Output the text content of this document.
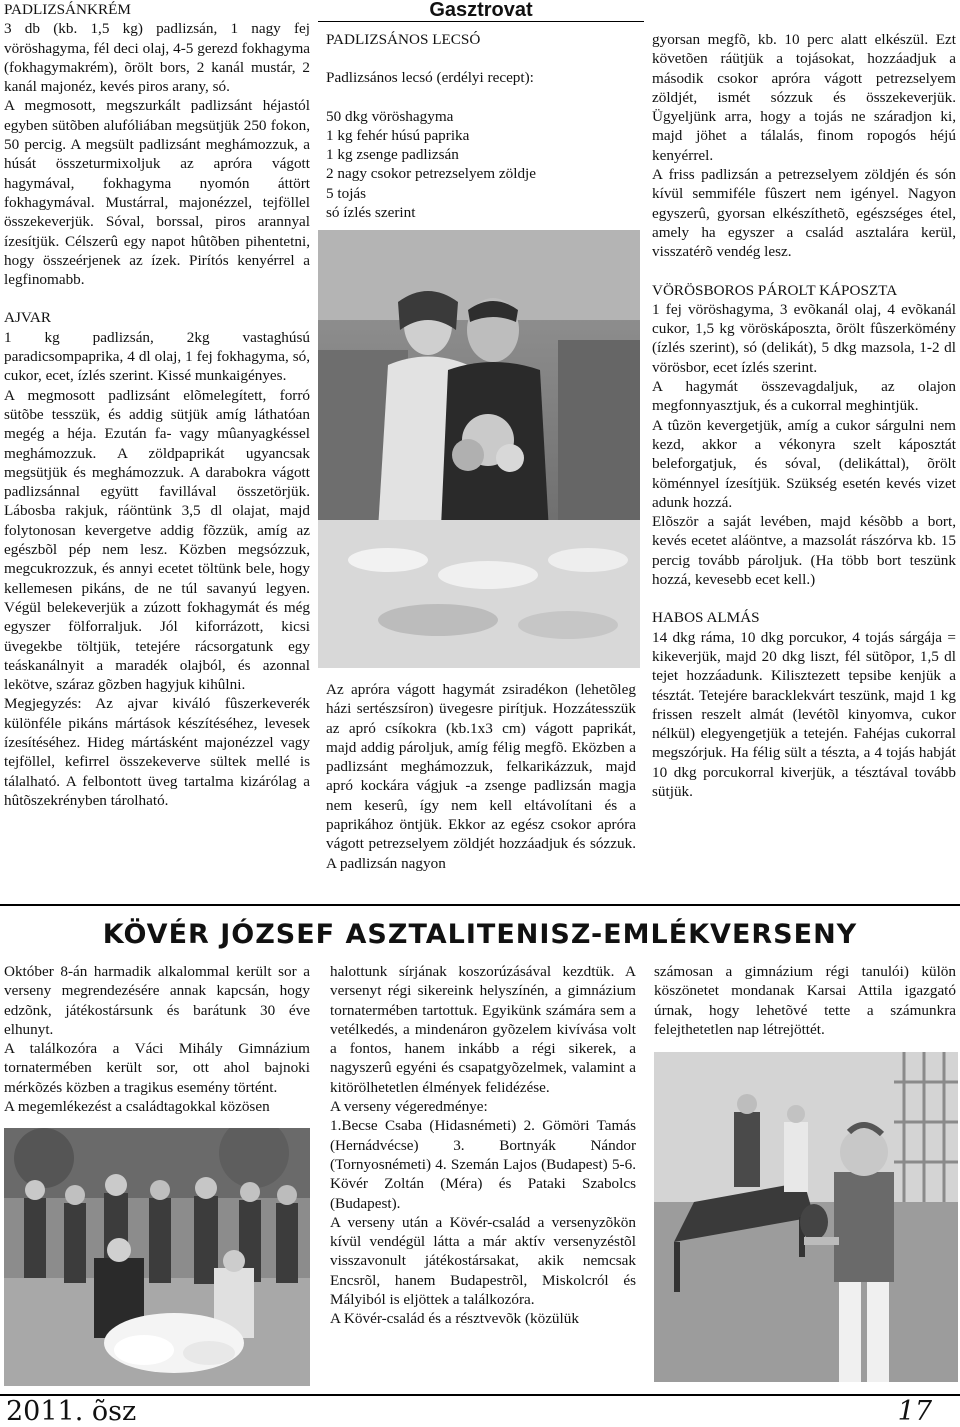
Gasztrovat

PADLIZSÁNKRÉM

3 db (kb. 1,5 kg) padlizsán, 1 nagy fej vöröshagyma, fél deci olaj, 4-5 gerezd fokhagyma (fokhagymakrém), õrölt bors, 2 kanál mustár, 2 kanál majonéz, kevés piros arany, só.

A megmosott, megszurkált padlizsánt héjastól egyben sütõben alufóliában megsütjük 250 fokon, 50 percig. A megsült padlizsánt meghámozzuk, a húsát összeturmixoljuk az apróra vágott hagymával, fokhagyma nyomón áttört fokhagymával. Mustárral, majonézzel, tejföllel összekeverjük. Sóval, borssal, piros arannyal ízesítjük. Célszerû egy napot hûtõben pihentetni, hogy összeérjenek az ízek. Pirítós kenyérrel a legfinomabb.

AJVAR

1 kg padlizsán, 2kg vastaghúsú paradicsompaprika, 4 dl olaj, 1 fej fokhagyma, só, cukor, ecet, ízlés szerint. Kissé munkaigényes.

A megmosott padlizsánt elõmelegített, forró sütõbe tesszük, és addig sütjük amíg láthatóan megég a héja. Ezután fa- vagy mûanyagkéssel meghámozzuk. A zöldpaprikát ugyancsak megsütjük és meghámozzuk. A darabokra vágott padlizsánnal együtt favillával összetörjük. Lábosba rakjuk, ráöntünk 3,5 dl olajat, majd folytonosan kevergetve addig fõzzük, amíg az egészbõl pép nem lesz. Közben megsózzuk, megcukrozzuk, és annyi ecetet töltünk bele, hogy kellemesen pikáns, de ne túl savanyú legyen. Végül belekeverjük a zúzott fokhagymát és még egyszer fölforraljuk. Jól kiforrázott, kicsi üvegekbe töltjük, tetejére rácsorgatunk egy teáskanálnyit a maradék olajból, és azonnal lekötve, száraz gõzben hagyjuk kihûlni.

Megjegyzés: Az ajvar kiváló fûszerkeverék különféle pikáns mártások készítéséhez, levesek ízesítéséhez. Hideg mártásként majonézzel vagy tejföllel, kefirrel összekeverve sültek mellé is tálalható. A felbontott üveg tartalma kizárólag a hûtõszekrényben tárolható.

PADLIZSÁNOS LECSÓ

Padlizsános lecsó (erdélyi recept):

50 dkg vöröshagyma

1 kg fehér húsú paprika

1 kg zsenge padlizsán

2 nagy csokor petrezselyem zöldje

5 tojás

só ízlés szerint

Az apróra vágott hagymát zsiradékon (lehetõleg házi sertészsíron) üvegesre pirítjuk. Hozzátesszük az apró csíkokra (kb.1x3 cm) vágott paprikát, majd addig pároljuk, amíg félig megfõ. Eközben a padlizsánt meghámozzuk, felkarikázzuk, majd apró kockára vágjuk -a zsenge padlizsán magja nem keserû, így nem kell eltávolítani és a paprikához öntjük. Ekkor az egész csokor apróra vágott petrezselyem zöldjét hozzáadjuk és sózzuk. A padlizsán nagyon

gyorsan megfõ, kb. 10 perc alatt elkészül. Ezt követõen ráütjük a tojásokat, hozzáadjuk a második csokor apróra vágott petrezselyem zöldjét, ismét sózzuk és összekeverjük. Ügyeljünk arra, hogy a tojás ne száradjon ki, majd jöhet a tálalás, finom ropogós héjú kenyérrel.

A friss padlizsán a petrezselyem zöldjén és són kívül semmiféle fûszert nem igényel. Nagyon egyszerû, gyorsan elkészíthetõ, egészséges étel, amely ha egyszer a család asztalára kerül, visszatérõ vendég lesz.

VÖRÖSBOROS PÁROLT KÁPOSZTA

1 fej vöröshagyma, 3 evõkanál olaj, 4 evõkanál cukor, 1,5 kg vöröskáposzta, õrölt fûszerkömény (ízlés szerint), só (delikát), 5 dkg mazsola, 1-2 dl vörösbor, ecet ízlés szerint.

A hagymát összevagdaljuk, az olajon megfonnyasztjuk, és a cukorral meghintjük.

A tûzön kevergetjük, amíg a cukor sárgulni nem kezd, akkor a vékonyra szelt káposztát beleforgatjuk, és sóval, (delikáttal), õrölt köménnyel ízesítjük. Szükség esetén kevés vizet adunk hozzá.

Elõször a saját levében, majd késõbb a bort, kevés ecetet aláöntve, a mazsolát rászórva kb. 15 percig tovább pároljuk. (Ha több bort teszünk hozzá, kevesebb ecet kell.)

HABOS ALMÁS

14 dkg ráma, 10 dkg porcukor, 4 tojás sárgája = kikeverjük, majd 20 dkg liszt, fél sütõpor, 1,5 dl tejet hozzáadunk. Kilisztezett tepsibe kenjük a tésztát. Tetejére baracklekvárt teszünk, majd 1 kg frissen reszelt almát (levétõl kinyomva, cukor nélkül) elegyengetjük a tetején. Fahéjas cukorral megszórjuk. Ha félig sült a tészta, a 4 tojás habját 10 dkg porcukorral kiverjük, a tésztával tovább sütjük.

KÖVÉR JÓZSEF ASZTALITENISZ-EMLÉKVERSENY

Október 8-án harmadik alkalommal került sor a verseny megrendezésére annak kapcsán, hogy edzõnk, játékostársunk és barátunk 30 éve elhunyt.

A találkozóra a Váci Mihály Gimnázium tornatermében került sor, ott ahol bajnoki mérkõzés közben a tragikus esemény történt.

A megemlékezést a családtagokkal közösen

halottunk sírjának koszorúzásával kezdtük. A versenyt régi sikereink helyszínén, a gimnázium tornatermében tartottuk. Egyikünk számára sem a vetélkedés, a mindenáron gyõzelem kivívása volt a fontos, hanem inkább a régi sikerek, a nagyszerû egyéni és csapatgyõzelmek, valamint a kitörölhetetlen élmények felidézése.

A verseny végeredménye:

1.Becse Csaba (Hidasnémeti) 2. Gömöri Tamás (Hernádvécse) 3. Bortnyák Nándor (Tornyosnémeti) 4. Szemán Lajos (Budapest) 5-6. Kövér Zoltán (Méra) és Pataki Szabolcs (Budapest).

A verseny után a Kövér-család a versenyzõkön kívül vendégül látta a már aktív versenyzéstõl visszavonult játékostársakat, akik nemcsak Encsrõl, hanem Budapestrõl, Miskolcról és Mályiból is eljöttek a találkozóra.

A Kövér-család és a résztvevõk (közülük

számosan a gimnázium régi tanulói) külön köszönetet mondanak Karsai Attila igazgató úrnak, hogy lehetõvé tette a számunkra felejthetetlen nap létrejöttét.

2011. õsz	17
